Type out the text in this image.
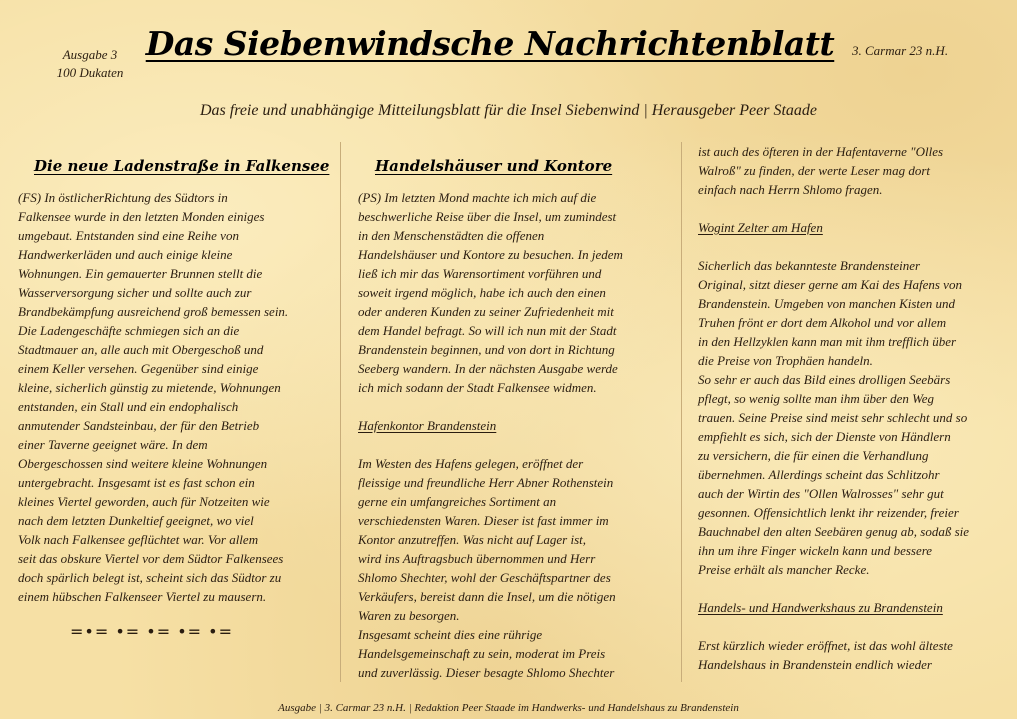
Ausgabe 3
100 Dukaten
Das Siebenwindsche Nachrichtenblatt	3. Carmar 23 n.H.
Das freie und unabhängige Mitteilungsblatt für die Insel Siebenwind | Herausgeber Peer Staade
Die neue Ladenstraße in Falkensee

(FS) In östlicherRichtung des Südtors in
Falkensee wurde in den letzten Monden einiges
umgebaut. Entstanden sind eine Reihe von
Handwerkerläden und auch einige kleine
Wohnungen. Ein gemauerter Brunnen stellt die
Wasserversorgung sicher und sollte auch zur
Brandbekämpfung ausreichend groß bemessen sein.
Die Ladengeschäfte schmiegen sich an die
Stadtmauer an, alle auch mit Obergeschoß und
einem Keller versehen. Gegenüber sind einige
kleine, sicherlich günstig zu mietende, Wohnungen
entstanden, ein Stall und ein endophalisch
anmutender Sandsteinbau, der für den Betrieb
einer Taverne geeignet wäre. In dem
Obergeschossen sind weitere kleine Wohnungen
untergebracht. Insgesamt ist es fast schon ein
kleines Viertel geworden, auch für Notzeiten wie
nach dem letzten Dunkeltief geeignet, wo viel
Volk nach Falkensee geflüchtet war. Vor allem
seit das obskure Viertel vor dem Südtor Falkensees
doch spärlich belegt ist, scheint sich das Südtor zu
einem hübschen Falkenseer Viertel zu mausern.

=•= •= •= •= •=
Handelshäuser und Kontore

(PS) Im letzten Mond machte ich mich auf die
beschwerliche Reise über die Insel, um zumindest
in den Menschenstädten die offenen
Handelshäuser und Kontore zu besuchen. In jedem
ließ ich mir das Warensortiment vorführen und
soweit irgend möglich, habe ich auch den einen
oder anderen Kunden zu seiner Zufriedenheit mit
dem Handel befragt. So will ich nun mit der Stadt
Brandenstein beginnen, und von dort in Richtung
Seeberg wandern. In der nächsten Ausgabe werde
ich mich sodann der Stadt Falkensee widmen.

Hafenkontor Brandenstein

Im Westen des Hafens gelegen, eröffnet der
fleissige und freundliche Herr Abner Rothenstein
gerne ein umfangreiches Sortiment an
verschiedensten Waren. Dieser ist fast immer im
Kontor anzutreffen. Was nicht auf Lager ist,
wird ins Auftragsbuch übernommen und Herr
Shlomo Shechter, wohl der Geschäftspartner des
Verkäufers, bereist dann die Insel, um die nötigen
Waren zu besorgen.
Insgesamt scheint dies eine rührige
Handelsgemeinschaft zu sein, moderat im Preis
und zuverlässig. Dieser besagte Shlomo Shechter

ist auch des öfteren in der Hafentaverne "Olles
Walroß" zu finden, der werte Leser mag dort
einfach nach Herrn Shlomo fragen.

Wogint Zelter am Hafen

Sicherlich das bekannteste Brandensteiner
Original, sitzt dieser gerne am Kai des Hafens von
Brandenstein. Umgeben von manchen Kisten und
Truhen frönt er dort dem Alkohol und vor allem
in den Hellzyklen kann man mit ihm trefflich über
die Preise von Trophäen handeln.
So sehr er auch das Bild eines drolligen Seebärs
pflegt, so wenig sollte man ihm über den Weg
trauen. Seine Preise sind meist sehr schlecht und so
empfiehlt es sich, sich der Dienste von Händlern
zu versichern, die für einen die Verhandlung
übernehmen. Allerdings scheint das Schlitzohr
auch der Wirtin des "Ollen Walrosses" sehr gut
gesonnen. Offensichtlich lenkt ihr reizender, freier
Bauchnabel den alten Seebären genug ab, sodaß sie
ihn um ihre Finger wickeln kann und bessere
Preise erhält als mancher Recke.

Handels- und Handwerkshaus zu Brandenstein

Erst kürzlich wieder eröffnet, ist das wohl älteste
Handelshaus in Brandenstein endlich wieder

Ausgabe | 3. Carmar 23 n.H. | Redaktion Peer Staade im Handwerks- und Handelshaus zu Brandenstein
